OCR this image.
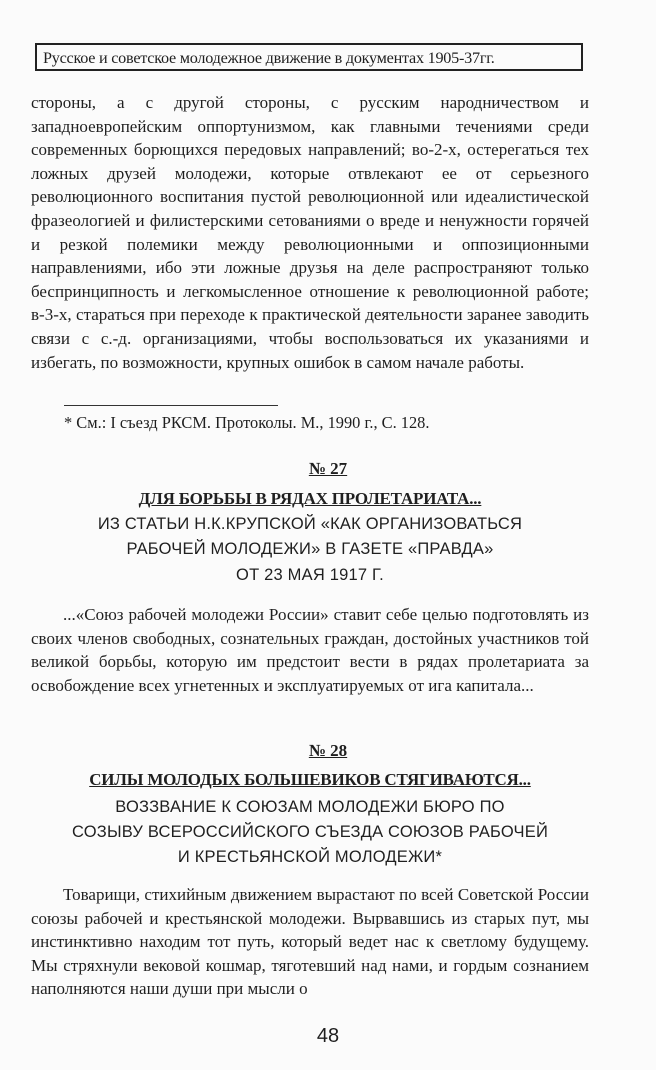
Русское и советское молодежное движение в документах 1905-37гг.

стороны, а с другой стороны, с русским народничеством и западноевропейским оппортунизмом, как главными течениями среди современных борющихся передовых направлений; во-2-х, остерегаться тех ложных друзей молодежи, которые отвлекают ее от серьезного революционного воспитания пустой революционной или идеалистической фразеологией и филистерскими сетованиями о вреде и ненужности горячей и резкой полемики между революционными и оппозиционными направлениями, ибо эти ложные друзья на деле распространяют только беспринципность и легкомысленное отношение к революционной работе; в-3-х, стараться при переходе к практической деятельности заранее заводить связи с с.-д. организациями, чтобы воспользоваться их указаниями и избегать, по возможности, крупных ошибок в самом начале работы.

* См.: I съезд РКСМ. Протоколы. М., 1990 г., С. 128.
№ 27
ДЛЯ БОРЬБЫ В РЯДАХ ПРОЛЕТАРИАТА...
ИЗ СТАТЬИ Н.К.КРУПСКОЙ «КАК ОРГАНИЗОВАТЬСЯ
РАБОЧЕЙ МОЛОДЕЖИ» В ГАЗЕТЕ «ПРАВДА»
ОТ 23 МАЯ 1917 Г.

...«Союз рабочей молодежи России» ставит себе целью подготовлять из своих членов свободных, сознательных граждан, достойных участников той великой борьбы, которую им предстоит вести в рядах пролетариата за освобождение всех угнетенных и эксплуатируемых от ига капитала...

№ 28
СИЛЫ МОЛОДЫХ БОЛЬШЕВИКОВ СТЯГИВАЮТСЯ...
ВОЗЗВАНИЕ К СОЮЗАМ МОЛОДЕЖИ БЮРО ПО
СОЗЫВУ ВСЕРОССИЙСКОГО СЪЕЗДА СОЮЗОВ РАБОЧЕЙ
И КРЕСТЬЯНСКОЙ МОЛОДЕЖИ*

Товарищи, стихийным движением вырастают по всей Советской России союзы рабочей и крестьянской молодежи. Вырвавшись из старых пут, мы инстинктивно находим тот путь, который ведет нас к светлому будущему. Мы стряхнули вековой кошмар, тяготевший над нами, и гордым сознанием наполняются наши души при мысли о

48
